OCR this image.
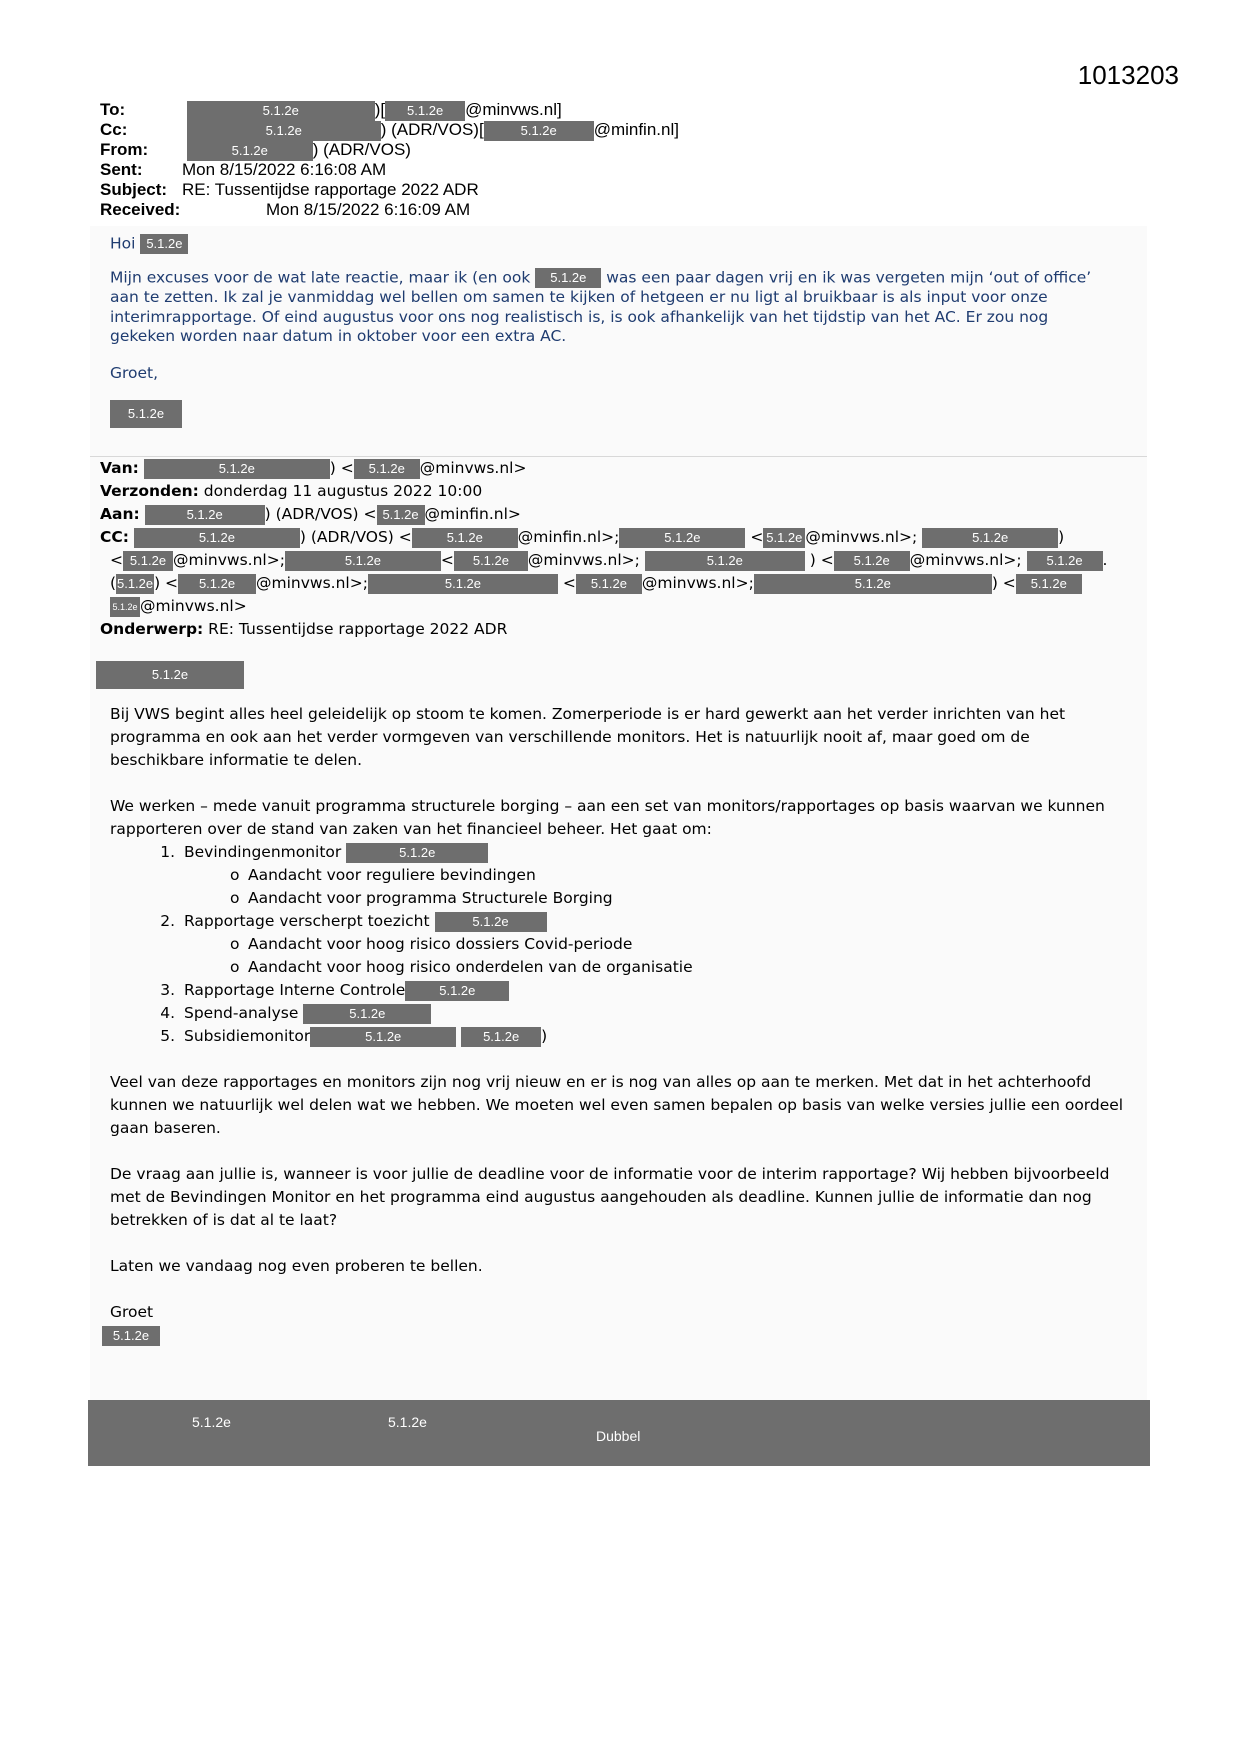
1013203
To:	5.1.2e	)[ 5.1.2e @minvws.nl]
Cc:	5.1.2e	) (ADR/VOS)[	5.1.2e @minfin.nl]
From:	5.1.2e	) (ADR/VOS)
Sent: Mon 8/15/2022 6:16:08 AM
Subject: RE: Tussentijdse rapportage 2022 ADR
Received:	Mon 8/15/2022 6:16:09 AM

Hoi 5.1.2e

Mijn excuses voor de wat late reactie, maar ik (en ook 5.1.2e was een paar dagen vrij en ik was vergeten mijn ‘out of office’
aan te zetten. Ik zal je vanmiddag wel bellen om samen te kijken of hetgeen er nu ligt al bruikbaar is als input voor onze
interimrapportage. Of eind augustus voor ons nog realistisch is, is ook afhankelijk van het tijdstip van het AC. Er zou nog
gekeken worden naar datum in oktober voor een extra AC.

Groet,

5.1.2e

Van:	5.1.2e	) < 5.1.2e @minvws.nl>
Verzonden: donderdag 11 augustus 2022 10:00
Aan:	5.1.2e	) (ADR/VOS) < 5.1.2e @minfin.nl>
CC:	5.1.2e	) (ADR/VOS) <	5.1.2e @minfin.nl>;	5.1.2e	< 5.1.2e @minvws.nl>;	5.1.2e	)
< 5.1.2e @minvws.nl>;	5.1.2e	< 5.1.2e @minvws.nl>;	5.1.2e	) < 5.1.2e @minvws.nl>; 5.1.2e .
(5.1.2e) < 5.1.2e @minvws.nl>;	5.1.2e	< 5.1.2e @minvws.nl>;	5.1.2e	) < 5.1.2e
5.1.2e @minvws.nl>
Onderwerp: RE: Tussentijdse rapportage 2022 ADR

5.1.2e

Bij VWS begint alles heel geleidelijk op stoom te komen. Zomerperiode is er hard gewerkt aan het verder inrichten van het programma en ook aan het verder vormgeven van verschillende monitors. Het is natuurlijk nooit af, maar goed om de beschikbare informatie te delen.

We werken – mede vanuit programma structurele borging – aan een set van monitors/rapportages op basis waarvan we kunnen rapporteren over de stand van zaken van het financieel beheer. Het gaat om:

1. Bevindingenmonitor	5.1.2e
o Aandacht voor reguliere bevindingen
o Aandacht voor programma Structurele Borging
2. Rapportage verscherpt toezicht	5.1.2e
o Aandacht voor hoog risico dossiers Covid-periode
o Aandacht voor hoog risico onderdelen van de organisatie
3. Rapportage Interne Controle	5.1.2e
4. Spend-analyse	5.1.2e
5. Subsidiemonitor	5.1.2e	5.1.2e )

Veel van deze rapportages en monitors zijn nog vrij nieuw en er is nog van alles op aan te merken. Met dat in het achterhoofd kunnen we natuurlijk wel delen wat we hebben. We moeten wel even samen bepalen op basis van welke versies jullie een oordeel gaan baseren.

De vraag aan jullie is, wanneer is voor jullie de deadline voor de informatie voor de interim rapportage? Wij hebben bijvoorbeeld met de Bevindingen Monitor en het programma eind augustus aangehouden als deadline. Kunnen jullie de informatie dan nog betrekken of is dat al te laat?

Laten we vandaag nog even proberen te bellen.

Groet

5.1.2e

5.1.2e	5.1.2e
Dubbel
